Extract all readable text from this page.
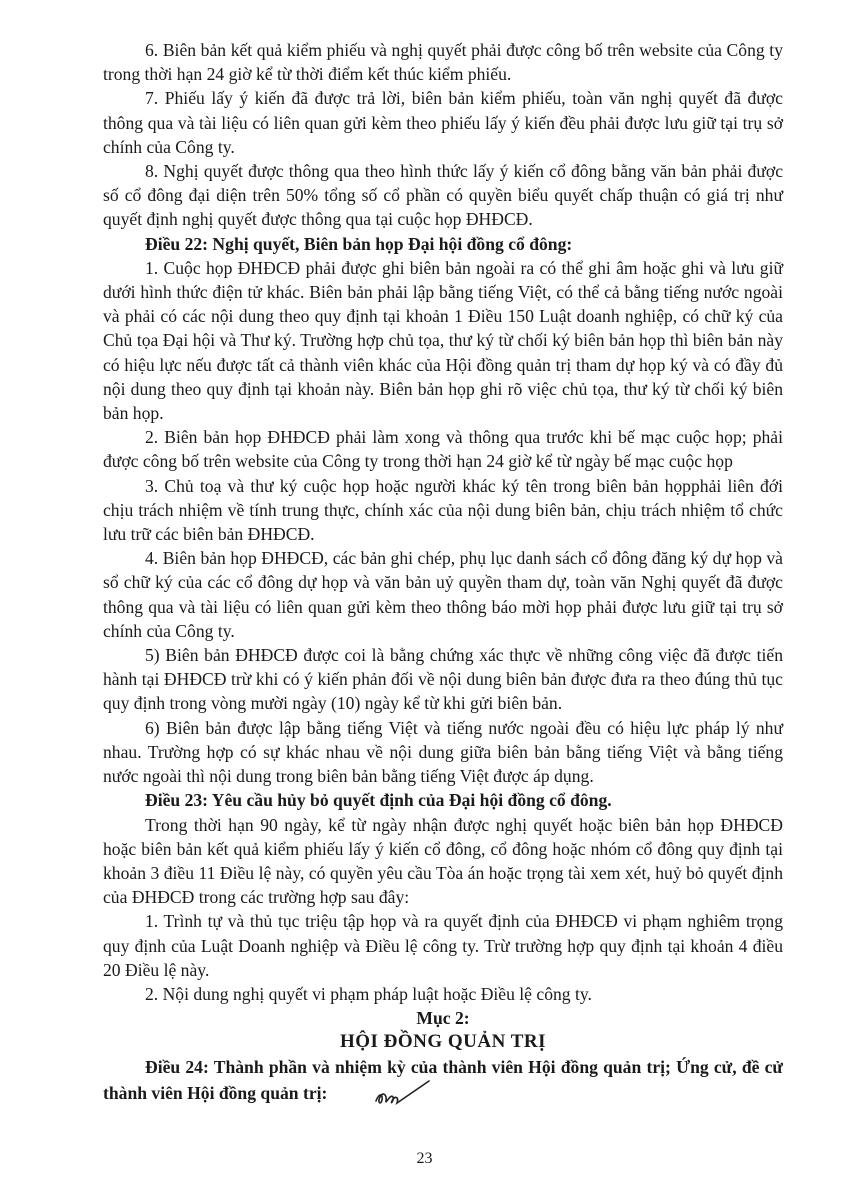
6. Biên bản kết quả kiểm phiếu và nghị quyết phải được công bố trên website của Công ty trong thời hạn 24 giờ kể từ thời điểm kết thúc kiểm phiếu.

7. Phiếu lấy ý kiến đã được trả lời, biên bản kiểm phiếu, toàn văn nghị quyết đã được thông qua và tài liệu có liên quan gửi kèm theo phiếu lấy ý kiến đều phải được lưu giữ tại trụ sở chính của Công ty.

8. Nghị quyết được thông qua theo hình thức lấy ý kiến cổ đông bằng văn bản phải được số cổ đông đại diện trên 50% tổng số cổ phần có quyền biểu quyết chấp thuận có giá trị như quyết định nghị quyết được thông qua tại cuộc họp ĐHĐCĐ.

Điều 22: Nghị quyết, Biên bản họp Đại hội đồng cổ đông:

1. Cuộc họp ĐHĐCĐ phải được ghi biên bản ngoài ra có thể ghi âm hoặc ghi và lưu giữ dưới hình thức điện tử khác. Biên bản phải lập bằng tiếng Việt, có thể cả bằng tiếng nước ngoài và phải có các nội dung theo quy định tại khoản 1 Điều 150 Luật doanh nghiệp, có chữ ký của Chủ tọa Đại hội và Thư ký. Trường hợp chủ tọa, thư ký từ chối ký biên bản họp thì biên bản này có hiệu lực nếu được tất cả thành viên khác của Hội đồng quản trị tham dự họp ký và có đầy đủ nội dung theo quy định tại khoản này. Biên bản họp ghi rõ việc chủ tọa, thư ký từ chối ký biên bản họp.

2. Biên bản họp ĐHĐCĐ phải làm xong và thông qua trước khi bế mạc cuộc họp; phải được công bố trên website của Công ty trong thời hạn 24 giờ kể từ ngày bế mạc cuộc họp

3. Chủ toạ và thư ký cuộc họp hoặc người khác ký tên trong biên bản họpphải liên đới chịu trách nhiệm về tính trung thực, chính xác của nội dung biên bản, chịu trách nhiệm tổ chức lưu trữ các biên bản ĐHĐCĐ.

4. Biên bản họp ĐHĐCĐ, các bản ghi chép, phụ lục danh sách cổ đông đăng ký dự họp và sổ chữ ký của các cổ đông dự họp và văn bản uỷ quyền tham dự, toàn văn Nghị quyết đã được thông qua và tài liệu có liên quan gửi kèm theo thông báo mời họp phải được lưu giữ tại trụ sở chính của Công ty.

5) Biên bản ĐHĐCĐ được coi là bằng chứng xác thực về những công việc đã được tiến hành tại ĐHĐCĐ trừ khi có ý kiến phản đối về nội dung biên bản được đưa ra theo đúng thủ tục quy định trong vòng mười ngày (10) ngày kể từ khi gửi biên bản.

6) Biên bản được lập bằng tiếng Việt và tiếng nước ngoài đều có hiệu lực pháp lý như nhau. Trường hợp có sự khác nhau về nội dung giữa biên bản bằng tiếng Việt và bằng tiếng nước ngoài thì nội dung trong biên bản bằng tiếng Việt được áp dụng.

Điều 23: Yêu cầu hủy bỏ quyết định của Đại hội đồng cổ đông.

Trong thời hạn 90 ngày, kể từ ngày nhận được nghị quyết hoặc biên bản họp ĐHĐCĐ hoặc biên bản kết quả kiểm phiếu lấy ý kiến cổ đông, cổ đông hoặc nhóm cổ đông quy định tại khoản 3 điều 11 Điều lệ này, có quyền yêu cầu Tòa án hoặc trọng tài xem xét, huỷ bỏ quyết định của ĐHĐCĐ trong các trường hợp sau đây:

1. Trình tự và thủ tục triệu tập họp và ra quyết định của ĐHĐCĐ vi phạm nghiêm trọng quy định của Luật Doanh nghiệp và Điều lệ công ty. Trừ trường hợp quy định tại khoản 4 điều 20 Điều lệ này.

2. Nội dung nghị quyết vi phạm pháp luật hoặc Điều lệ công ty.

Mục 2:

HỘI ĐỒNG QUẢN TRỊ

Điều 24: Thành phần và nhiệm kỳ của thành viên Hội đồng quản trị; Ứng cử, đề cử thành viên Hội đồng quản trị:

23
